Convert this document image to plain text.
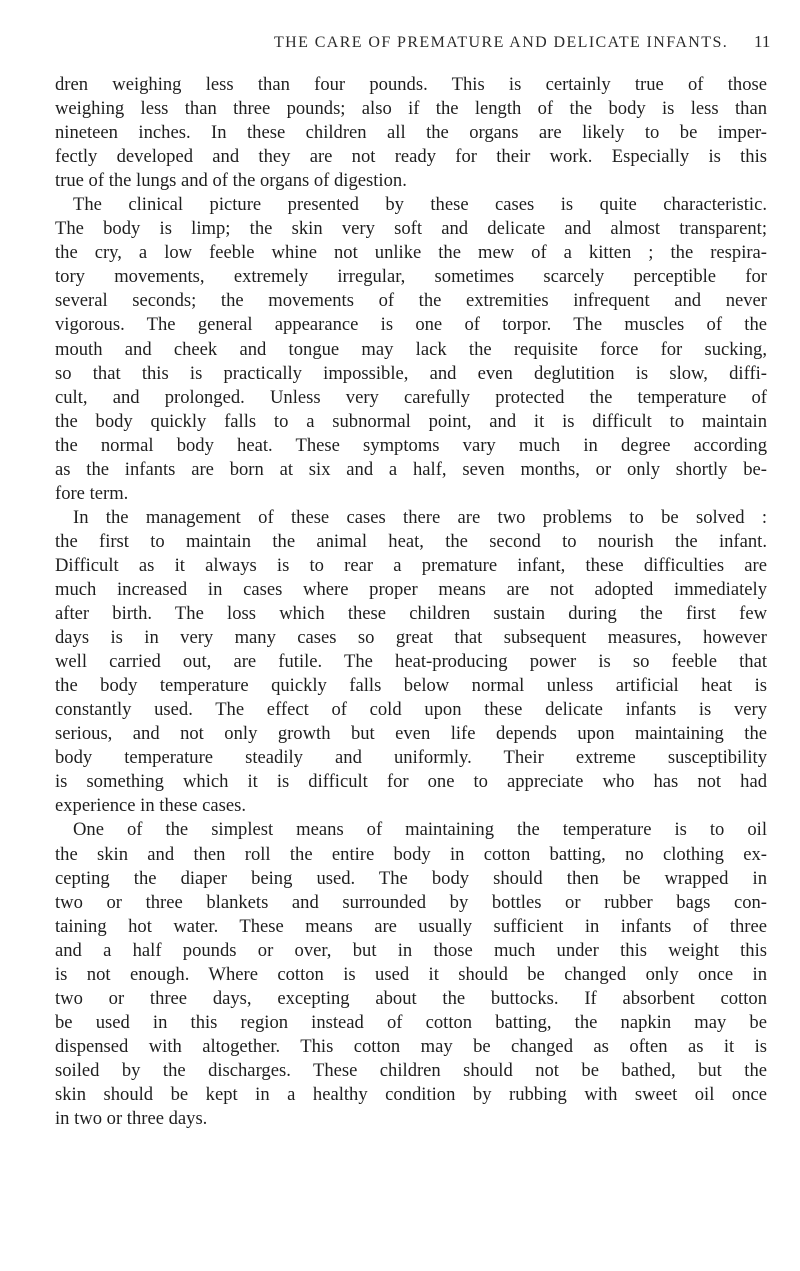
THE CARE OF PREMATURE AND DELICATE INFANTS.	11
dren weighing less than four pounds. This is certainly true of those
weighing less than three pounds; also if the length of the body is less than
nineteen inches. In these children all the organs are likely to be imper-
fectly developed and they are not ready for their work. Especially is this
true of the lungs and of the organs of digestion.
The clinical picture presented by these cases is quite characteristic.
The body is limp; the skin very soft and delicate and almost transparent;
the cry, a low feeble whine not unlike the mew of a kitten ; the respira-
tory movements, extremely irregular, sometimes scarcely perceptible for
several seconds; the movements of the extremities infrequent and never
vigorous. The general appearance is one of torpor. The muscles of the
mouth and cheek and tongue may lack the requisite force for sucking,
so that this is practically impossible, and even deglutition is slow, diffi-
cult, and prolonged. Unless very carefully protected the temperature of
the body quickly falls to a subnormal point, and it is difficult to maintain
the normal body heat. These symptoms vary much in degree according
as the infants are born at six and a half, seven months, or only shortly be-
fore term.
In the management of these cases there are two problems to be solved :
the first to maintain the animal heat, the second to nourish the infant.
Difficult as it always is to rear a premature infant, these difficulties are
much increased in cases where proper means are not adopted immediately
after birth. The loss which these children sustain during the first few
days is in very many cases so great that subsequent measures, however
well carried out, are futile. The heat-producing power is so feeble that
the body temperature quickly falls below normal unless artificial heat is
constantly used. The effect of cold upon these delicate infants is very
serious, and not only growth but even life depends upon maintaining the
body temperature steadily and uniformly. Their extreme susceptibility
is something which it is difficult for one to appreciate who has not had
experience in these cases.
One of the simplest means of maintaining the temperature is to oil
the skin and then roll the entire body in cotton batting, no clothing ex-
cepting the diaper being used. The body should then be wrapped in
two or three blankets and surrounded by bottles or rubber bags con-
taining hot water. These means are usually sufficient in infants of three
and a half pounds or over, but in those much under this weight this
is not enough. Where cotton is used it should be changed only once in
two or three days, excepting about the buttocks. If absorbent cotton
be used in this region instead of cotton batting, the napkin may be
dispensed with altogether. This cotton may be changed as often as it is
soiled by the discharges. These children should not be bathed, but the
skin should be kept in a healthy condition by rubbing with sweet oil once
in two or three days.
